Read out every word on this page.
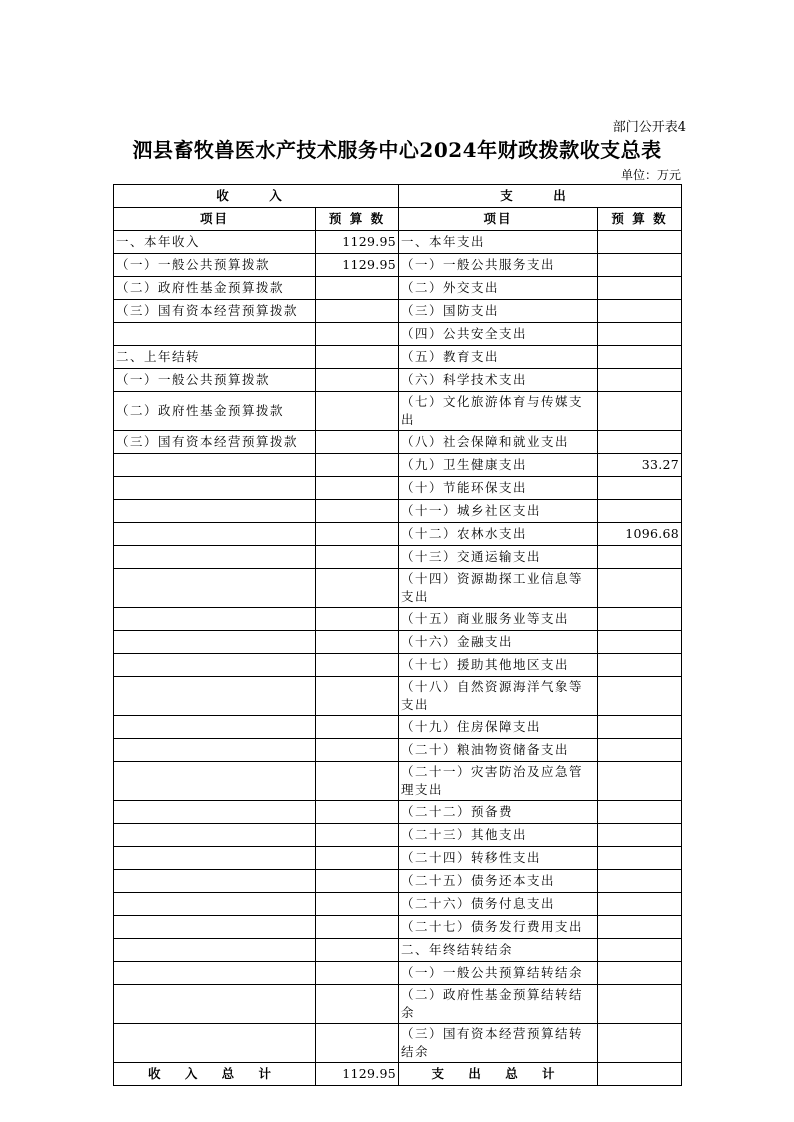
部门公开表4
泗县畜牧兽医水产技术服务中心2024年财政拨款收支总表
单位：万元
收　入		支　出	
项目	预 算 数	项目	预 算 数
一、本年收入	1129.95	一、本年支出	
（一）一般公共预算拨款	1129.95	（一）一般公共服务支出	
（二）政府性基金预算拨款		（二）外交支出	
（三）国有资本经营预算拨款		（三）国防支出	
		（四）公共安全支出	
二、上年结转		（五）教育支出	
（一）一般公共预算拨款		（六）科学技术支出	
（二）政府性基金预算拨款		（七）文化旅游体育与传媒支出	
（三）国有资本经营预算拨款		（八）社会保障和就业支出	
		（九）卫生健康支出	33.27
		（十）节能环保支出	
		（十一）城乡社区支出	
		（十二）农林水支出	1096.68
		（十三）交通运输支出	
		（十四）资源勘探工业信息等支出	
		（十五）商业服务业等支出	
		（十六）金融支出	
		（十七）援助其他地区支出	
		（十八）自然资源海洋气象等支出	
		（十九）住房保障支出	
		（二十）粮油物资储备支出	
		（二十一）灾害防治及应急管理支出	
		（二十二）预备费	
		（二十三）其他支出	
		（二十四）转移性支出	
		（二十五）债务还本支出	
		（二十六）债务付息支出	
		（二十七）债务发行费用支出	
		二、年终结转结余	
		（一）一般公共预算结转结余	
		（二）政府性基金预算结转结余	
		（三）国有资本经营预算结转结余	
收 入 总 计	1129.95	支 出 总 计	
